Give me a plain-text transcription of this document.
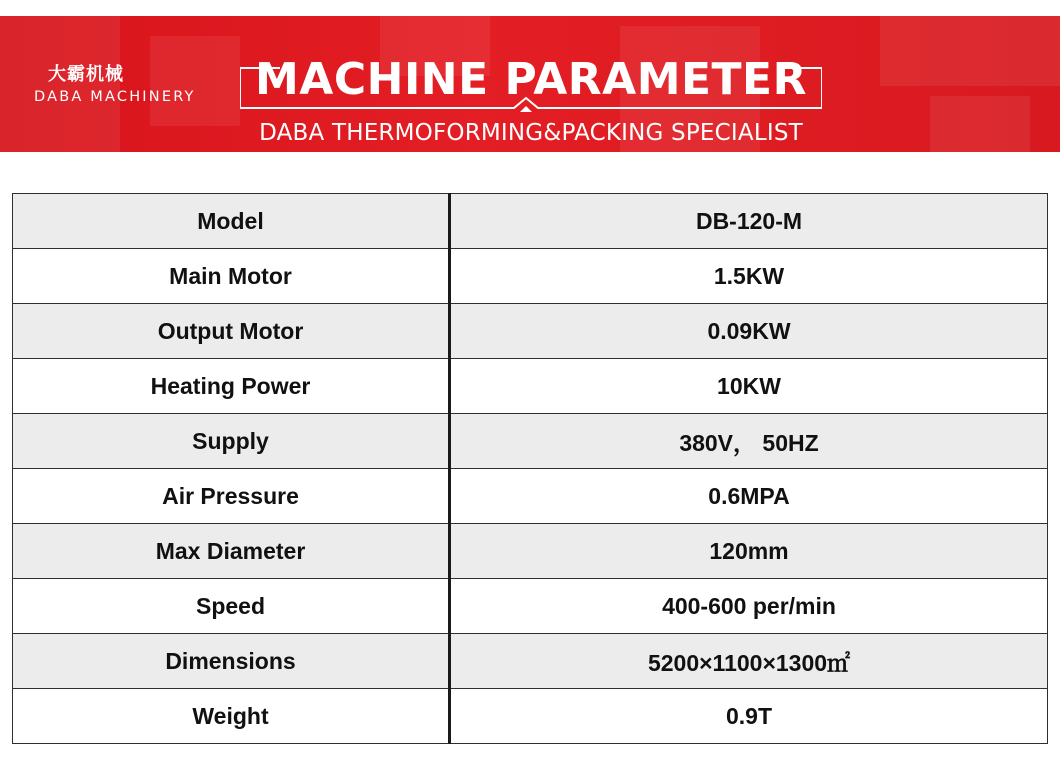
大霸机械
DABA MACHINERY	MACHINE PARAMETER
DABA THERMOFORMING&PACKING SPECIALIST
Model	DB-120-M
Main Motor	1.5KW
Output Motor	0.09KW
Heating Power	10KW
Supply	380V， 50HZ
Air Pressure	0.6MPA
Max Diameter	120mm
Speed	400-600 per/min
Dimensions	5200×1100×1300㎡
Weight	0.9T
